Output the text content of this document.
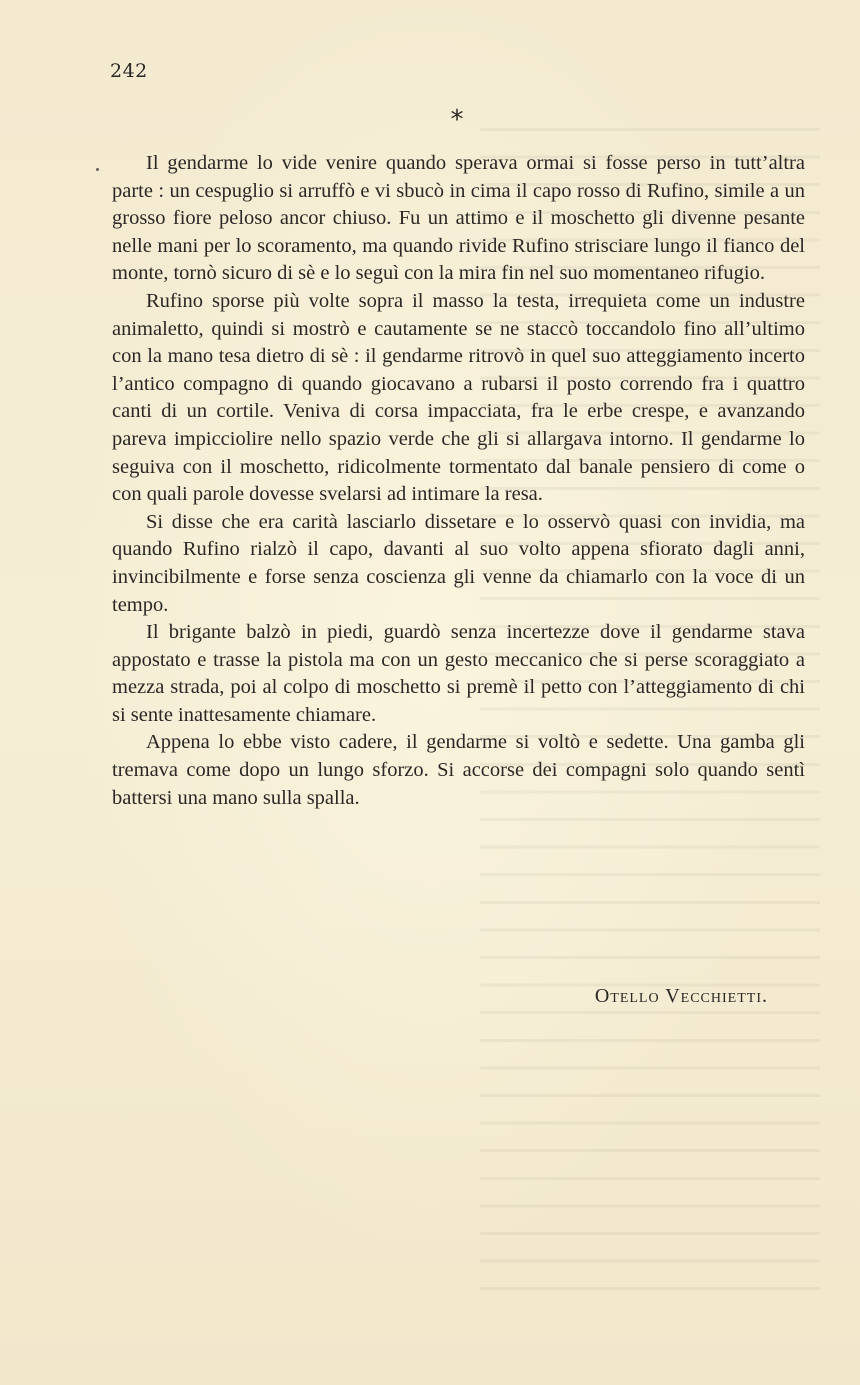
242
*

Il gendarme lo vide venire quando sperava ormai si fosse perso in tutt’altra parte : un cespuglio si arruffò e vi sbucò in cima il capo rosso di Rufino, simile a un grosso fiore peloso ancor chiuso. Fu un attimo e il moschetto gli divenne pesante nelle mani per lo scoramento, ma quando rivide Rufino strisciare lungo il fianco del monte, tornò sicuro di sè e lo seguì con la mira fin nel suo momentaneo rifugio.

Rufino sporse più volte sopra il masso la testa, irrequieta come un industre animaletto, quindi si mostrò e cautamente se ne staccò toccandolo fino all’ultimo con la mano tesa dietro di sè : il gendarme ritrovò in quel suo atteggiamento incerto l’antico compagno di quando giocavano a rubarsi il posto correndo fra i quattro canti di un cortile. Veniva di corsa impacciata, fra le erbe crespe, e avanzando pareva impicciolire nello spazio verde che gli si allargava intorno. Il gendarme lo seguiva con il moschetto, ridicolmente tormentato dal banale pensiero di come o con quali parole dovesse svelarsi ad intimare la resa.

Si disse che era carità lasciarlo dissetare e lo osservò quasi con invidia, ma quando Rufino rialzò il capo, davanti al suo volto appena sfiorato dagli anni, invincibilmente e forse senza coscienza gli venne da chiamarlo con la voce di un tempo.

Il brigante balzò in piedi, guardò senza incertezze dove il gendarme stava appostato e trasse la pistola ma con un gesto meccanico che si perse scoraggiato a mezza strada, poi al colpo di moschetto si premè il petto con l’atteggiamento di chi si sente inattesamente chiamare.

Appena lo ebbe visto cadere, il gendarme si voltò e sedette. Una gamba gli tremava come dopo un lungo sforzo. Si accorse dei compagni solo quando sentì battersi una mano sulla spalla.

Otello Vecchietti.
